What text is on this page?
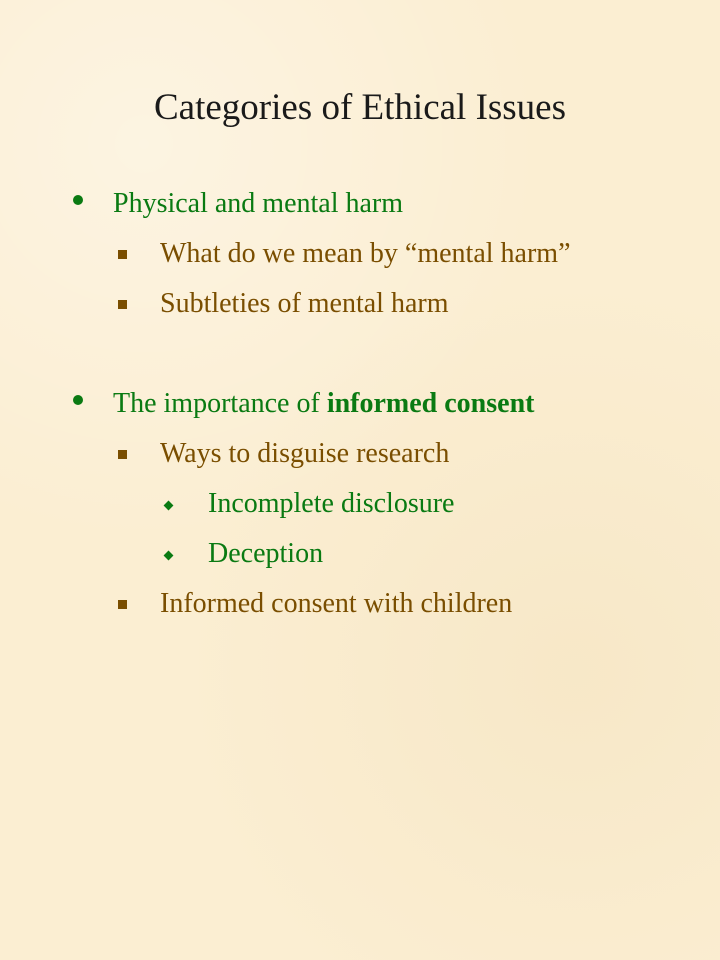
Categories of Ethical Issues
Physical and mental harm
What do we mean by “mental harm”
Subtleties of mental harm
The importance of informed consent
Ways to disguise research
Incomplete disclosure
Deception
Informed consent with children
